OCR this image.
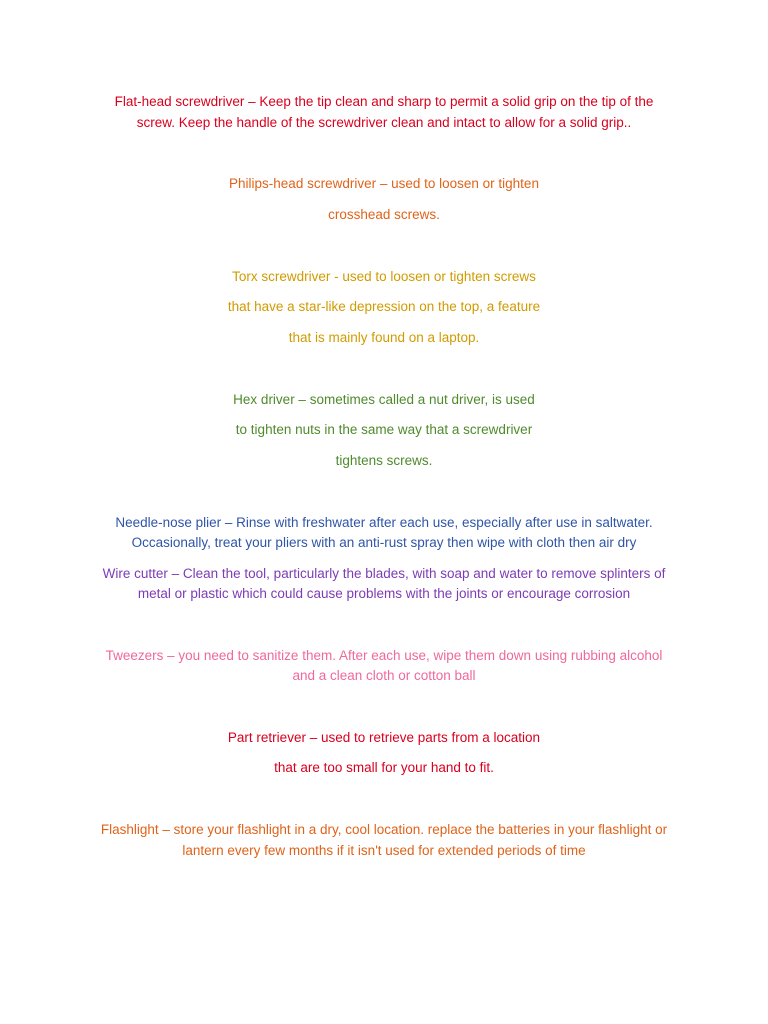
Flat-head screwdriver – Keep the tip clean and sharp to permit a solid grip on the tip of the

screw. Keep the handle of the screwdriver clean and intact to allow for a solid grip..

Philips-head screwdriver – used to loosen or tighten

crosshead screws.

Torx screwdriver - used to loosen or tighten screws

that have a star-like depression on the top, a feature

that is mainly found on a laptop.

Hex driver – sometimes called a nut driver, is used

to tighten nuts in the same way that a screwdriver

tightens screws.

Needle-nose plier – Rinse with freshwater after each use, especially after use in saltwater.

Occasionally, treat your pliers with an anti-rust spray then wipe with cloth then air dry

Wire cutter – Clean the tool, particularly the blades, with soap and water to remove splinters of

metal or plastic which could cause problems with the joints or encourage corrosion

Tweezers – you need to sanitize them. After each use, wipe them down using rubbing alcohol

and a clean cloth or cotton ball

Part retriever – used to retrieve parts from a location

that are too small for your hand to fit.

Flashlight – store your flashlight in a dry, cool location. replace the batteries in your flashlight or

lantern every few months if it isn't used for extended periods of time
